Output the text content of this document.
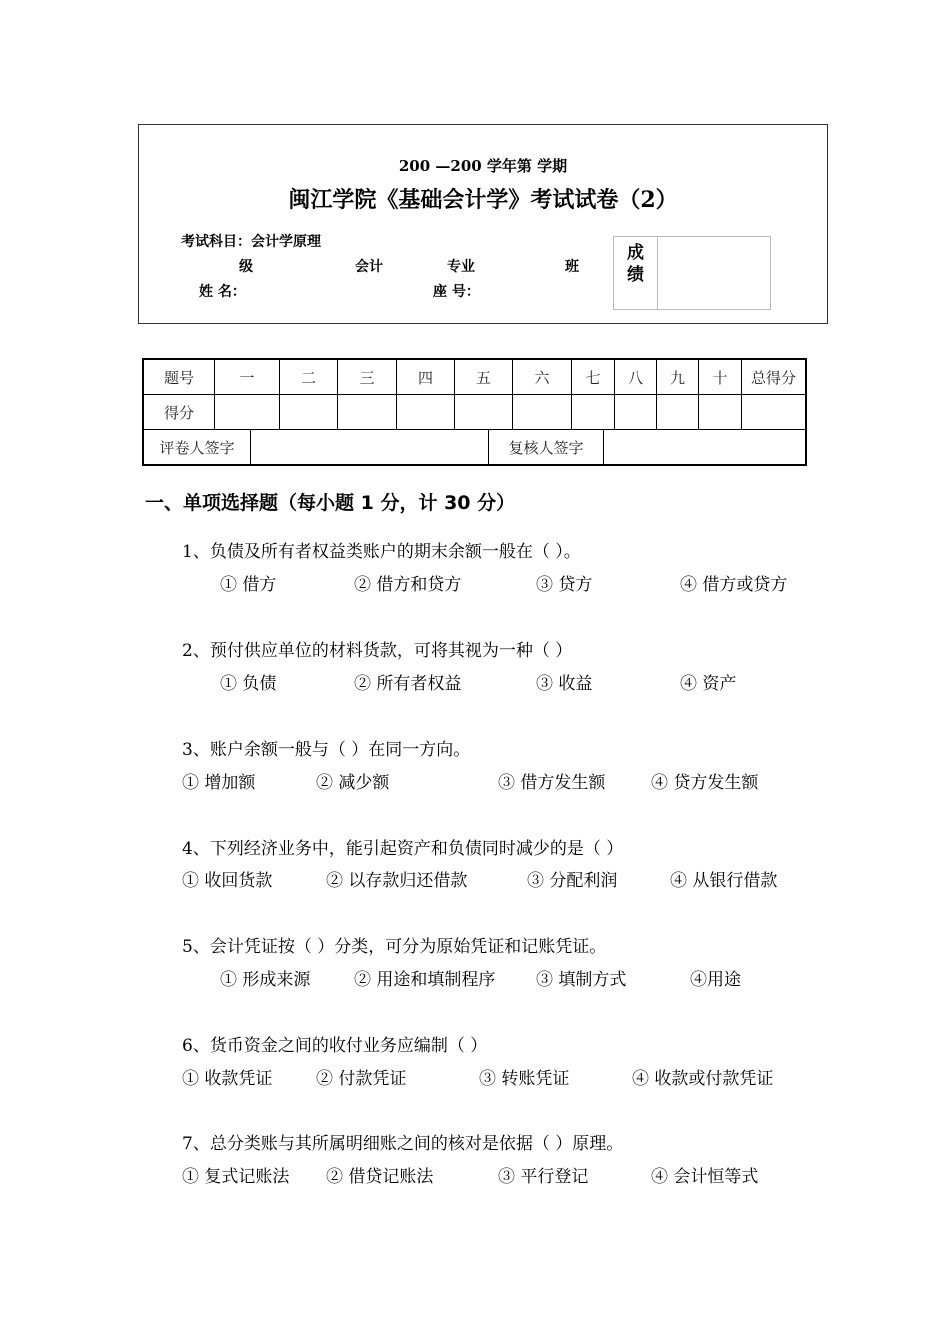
200 —200 学年第 学期
闽江学院《基础会计学》考试试卷（2）
考试科目：会计学原理
级	会计	专业	班
姓 名：	座 号：
成绩
题号	一	二	三	四	五	六	七	八	九	十	总得分
得分											

评卷人签字 复核人签字											
一、单项选择题（每小题 1 分，计 30 分）
1、负债及所有者权益类账户的期末余额一般在（ ）。
① 借方	② 借方和贷方	③ 贷方	④ 借方或贷方
2、预付供应单位的材料货款，可将其视为一种（ ）
① 负债	② 所有者权益	③ 收益	④ 资产
3、账户余额一般与（ ）在同一方向。
① 增加额	② 减少额	③ 借方发生额	④ 贷方发生额
4、下列经济业务中，能引起资产和负债同时减少的是（ ）
① 收回货款	② 以存款归还借款	③ 分配利润	④ 从银行借款
5、会计凭证按（ ）分类，可分为原始凭证和记账凭证。
① 形成来源	② 用途和填制程序 ③ 填制方式	④用途
6、货币资金之间的收付业务应编制（ ）
① 收款凭证	② 付款凭证	③ 转账凭证	④ 收款或付款凭证
7、总分类账与其所属明细账之间的核对是依据（ ）原理。
① 复式记账法 ② 借贷记账法	③ 平行登记	④ 会计恒等式
